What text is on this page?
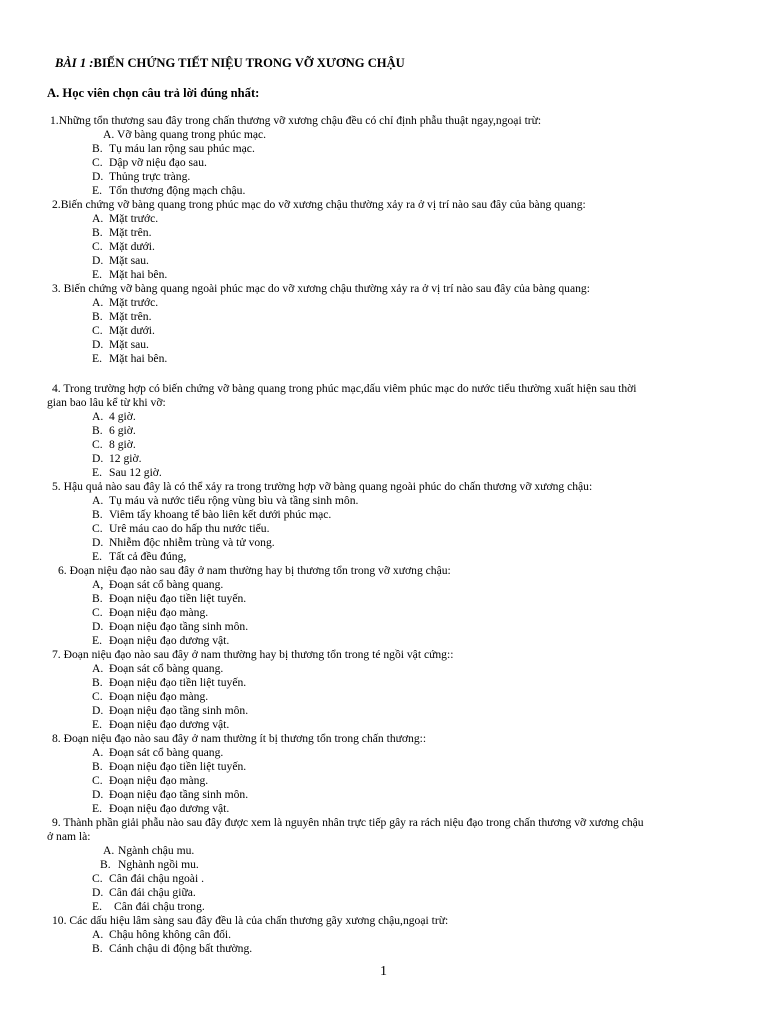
BÀI 1 :BIẾN CHỨNG TIẾT NIỆU TRONG VỠ XƯƠNG CHẬU
A. Học viên chọn câu trả lời đúng nhất:
1.Những tổn thương sau đây trong chấn thương vỡ xương chậu đều có chỉ định phẫu thuật ngay,ngoại trừ:
A. Vỡ bàng quang trong phúc mạc.
B. Tụ máu lan rộng sau phúc mạc.
C. Dập vỡ niệu đạo sau.
D. Thủng trực tràng.
E. Tổn thương động mạch chậu.
2.Biến chứng vỡ bàng quang trong phúc mạc do vỡ xương chậu thường xảy ra ở vị trí nào sau đây của bàng quang:
A. Mặt trước.
B. Mặt trên.
C. Mặt dưới.
D. Mặt sau.
E. Mặt hai bên.
3. Biến chứng vỡ bàng quang ngoài phúc mạc do vỡ xương chậu thường xảy ra ở vị trí nào sau đây của bàng quang:
A. Mặt trước.
B. Mặt trên.
C. Mặt dưới.
D. Mặt sau.
E. Mặt hai bên.
4. Trong trường hợp có biến chứng vỡ bàng quang trong phúc mạc,dấu viêm phúc mạc do nước tiểu thường xuất hiện sau thời
gian bao lâu kể từ khi vỡ:
A. 4 giờ.
B. 6 giờ.
C. 8 giờ.
D. 12 giờ.
E. Sau 12 giờ.
5. Hậu quả nào sau đây là có thể xảy ra trong trường hợp vỡ bàng quang ngoài phúc do chấn thương vỡ xương chậu:
A. Tụ máu và nước tiểu rộng vùng bìu và tầng sinh môn.
B. Viêm tấy khoang tế bào liên kết dưới phúc mạc.
C. Urê máu cao do hấp thu nước tiểu.
D. Nhiễm độc nhiễm trùng và tử vong.
E. Tất cả đều đúng,
6. Đoạn niệu đạo nào sau đây ở nam thường hay bị thương tổn trong vỡ xương chậu:
A, Đoạn sát cổ bàng quang.
B. Đoạn niệu đạo tiền liệt tuyến.
C. Đoạn niệu đạo màng.
D. Đoạn niệu đạo tầng sinh môn.
E. Đoạn niệu đạo dương vật.
7. Đoạn niệu đạo nào sau đây ở nam thường hay bị thương tổn trong té ngồi vật cứng::
A. Đoạn sát cổ bàng quang.
B. Đoạn niệu đạo tiền liệt tuyến.
C. Đoạn niệu đạo màng.
D. Đoạn niệu đạo tầng sinh môn.
E. Đoạn niệu đạo dương vật.
8. Đoạn niệu đạo nào sau đây ở nam thường ít bị thương tổn trong chấn thương::
A. Đoạn sát cổ bàng quang.
B. Đoạn niệu đạo tiền liệt tuyến.
C. Đoạn niệu đạo màng.
D. Đoạn niệu đạo tầng sinh môn.
E. Đoạn niệu đạo dương vật.
9. Thành phần giải phẫu nào sau đây được xem là nguyên nhân trực tiếp gây ra rách niệu đạo trong chấn thương vỡ xương chậu
ở nam là:
A. Ngành chậu mu.
B. Nghành ngồi mu.
C. Cân đái chậu ngoài .
D. Cân đái chậu giữa.
E. Cân đái chậu trong.
10. Các dấu hiệu lâm sàng sau đây đều là của chấn thương gãy xương chậu,ngoại trừ:
A. Chậu hông không cân đối.
B. Cánh chậu di động bất thường.
1
